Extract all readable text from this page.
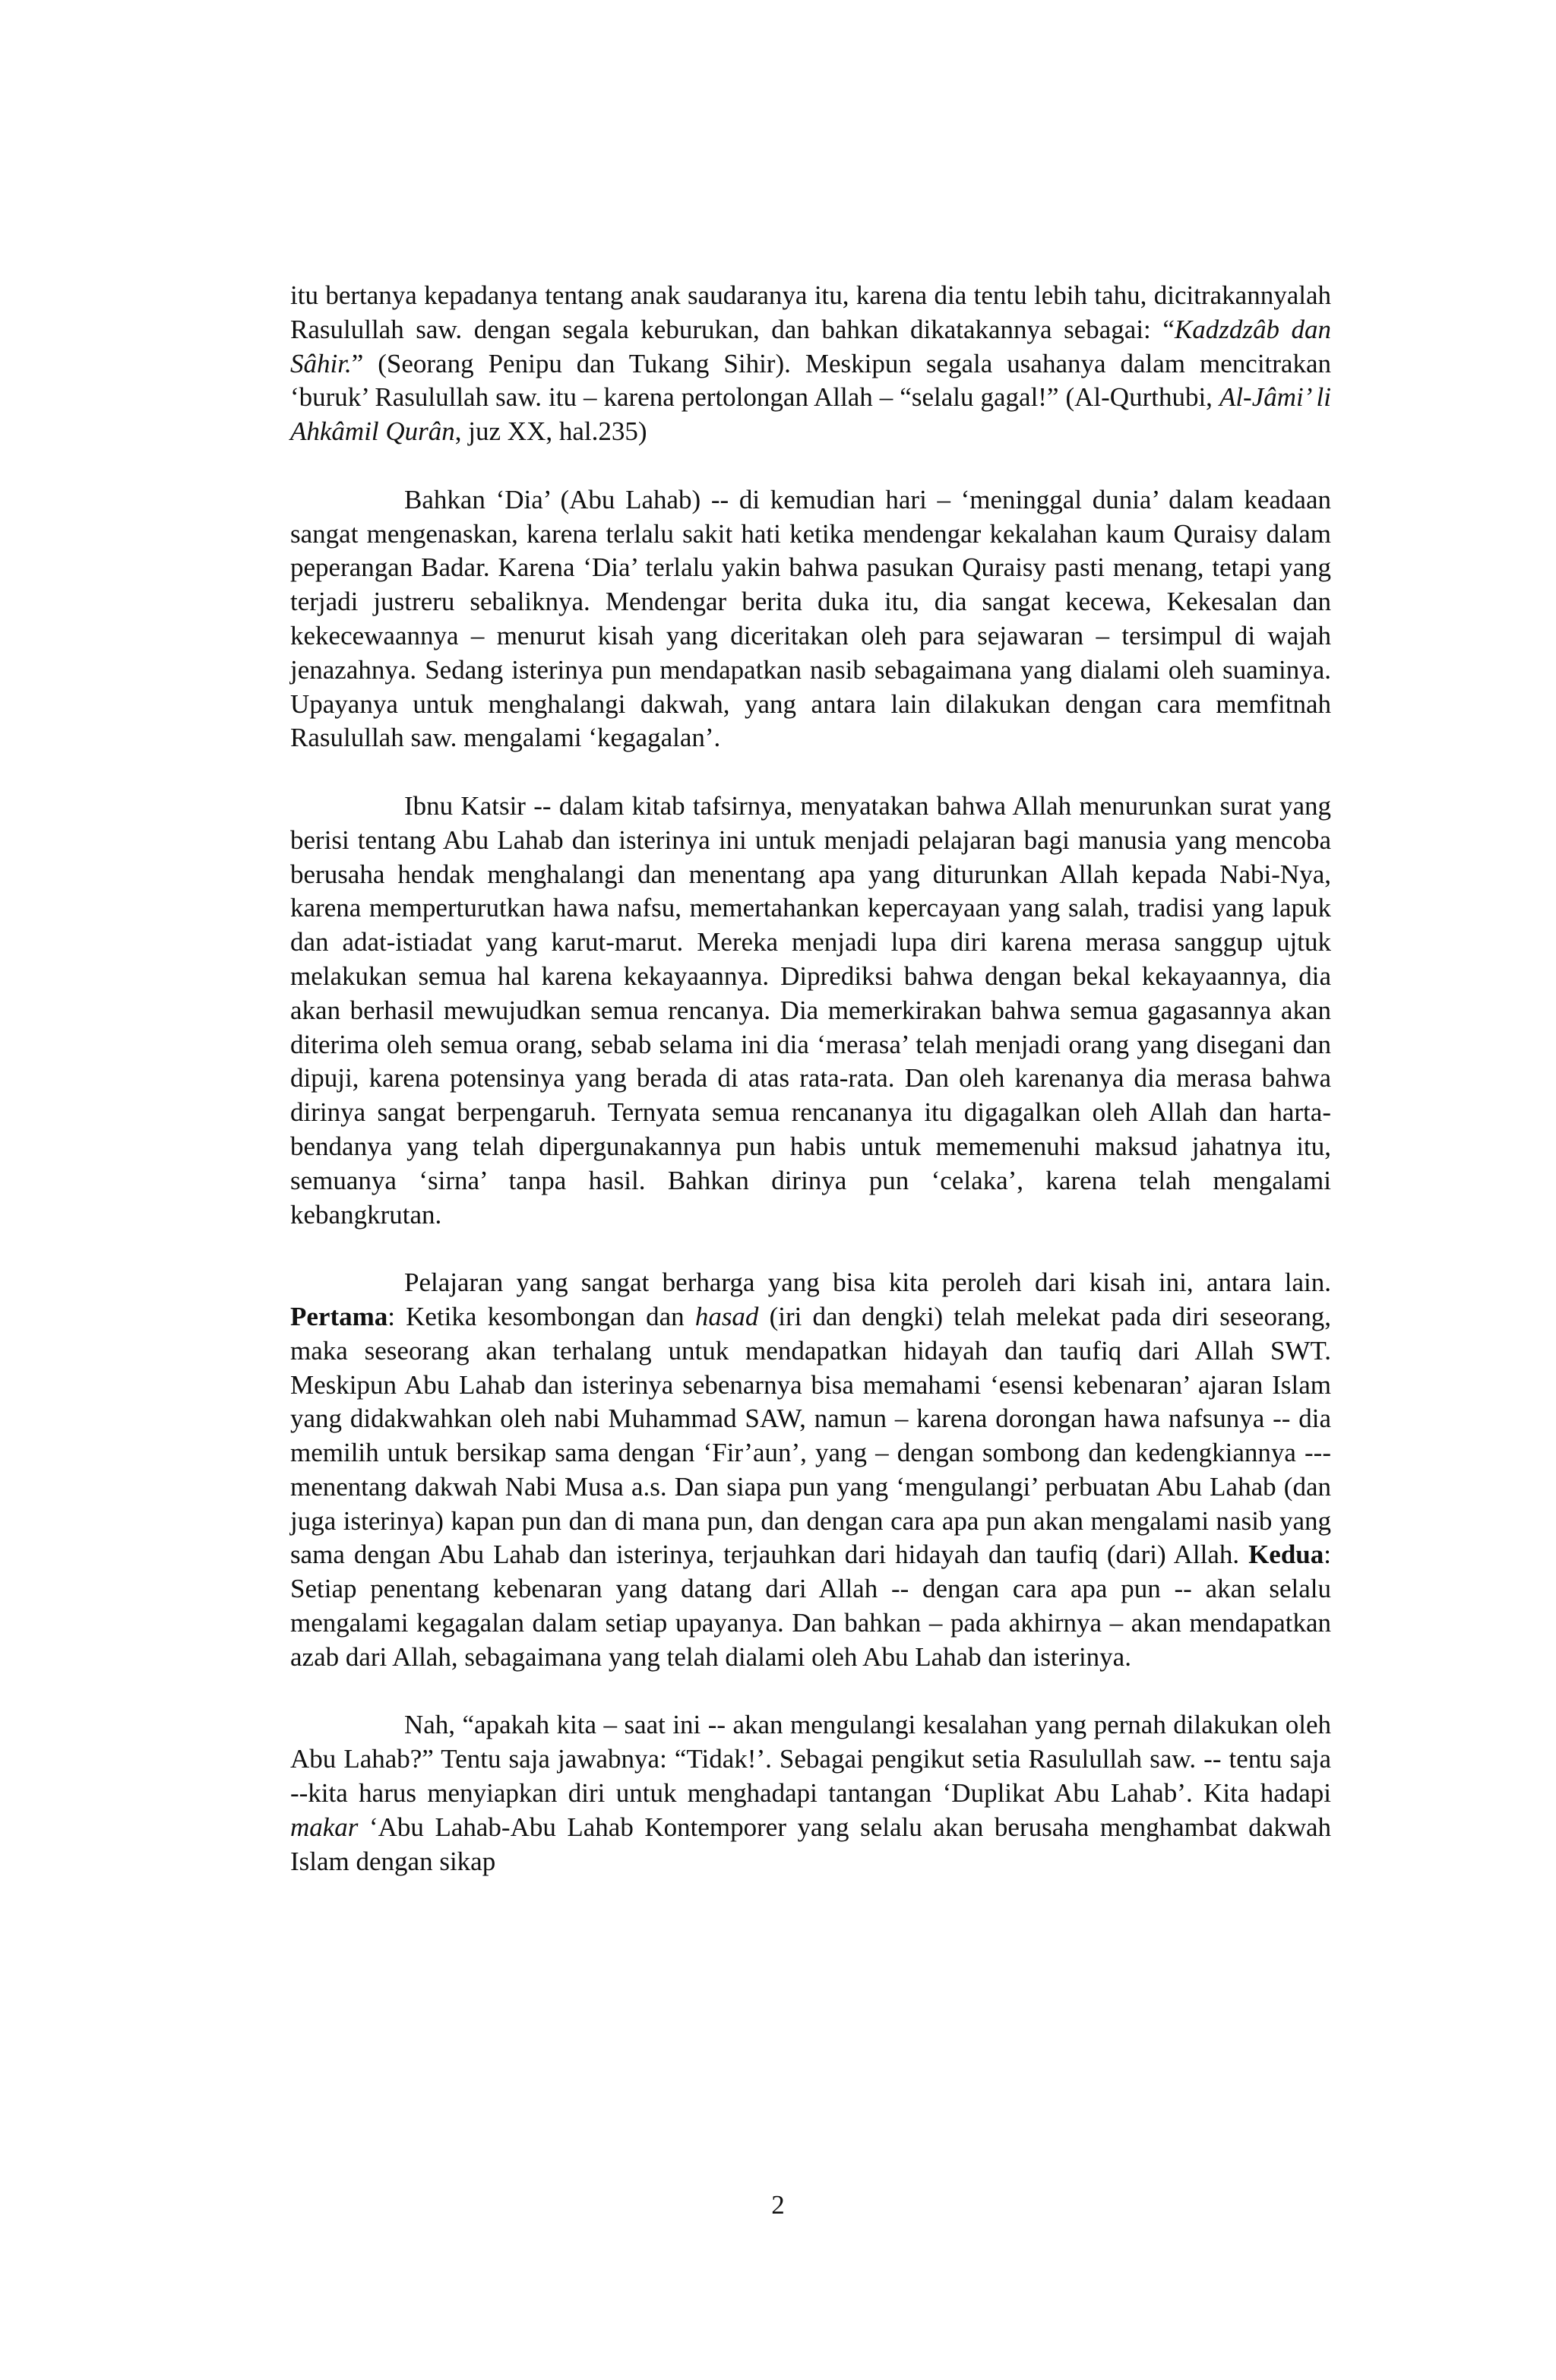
itu bertanya kepadanya tentang anak saudaranya itu, karena dia tentu lebih tahu, dicitrakannyalah Rasulullah saw. dengan segala keburukan, dan bahkan dikatakannya sebagai: “Kadzdzâb dan Sâhir.” (Seorang Penipu dan Tukang Sihir). Meskipun segala usahanya dalam mencitrakan ‘buruk’ Rasulullah saw. itu – karena pertolongan Allah – “selalu gagal!” (Al-Qurthubi, Al-Jâmi’ li Ahkâmil Qurân, juz XX, hal.235)

Bahkan ‘Dia’ (Abu Lahab) -- di kemudian hari – ‘meninggal dunia’ dalam keadaan sangat mengenaskan, karena terlalu sakit hati ketika mendengar kekalahan kaum Quraisy dalam peperangan Badar. Karena ‘Dia’ terlalu yakin bahwa pasukan Quraisy pasti menang, tetapi yang terjadi justreru sebaliknya. Mendengar berita duka itu, dia sangat kecewa, Kekesalan dan kekecewaannya – menurut kisah yang diceritakan oleh para sejawaran – tersimpul di wajah jenazahnya. Sedang isterinya pun mendapatkan nasib sebagaimana yang dialami oleh suaminya. Upayanya untuk menghalangi dakwah, yang antara lain dilakukan dengan cara memfitnah Rasulullah saw. mengalami ‘kegagalan’.

Ibnu Katsir -- dalam kitab tafsirnya, menyatakan bahwa Allah menurunkan surat yang berisi tentang Abu Lahab dan isterinya ini untuk menjadi pelajaran bagi manusia yang mencoba berusaha hendak menghalangi dan menentang apa yang diturunkan Allah kepada Nabi-Nya, karena memperturutkan hawa nafsu, memertahankan kepercayaan yang salah, tradisi yang lapuk dan adat-istiadat yang karut-marut. Mereka menjadi lupa diri karena merasa sanggup ujtuk melakukan semua hal karena kekayaannya. Diprediksi bahwa dengan bekal kekayaannya, dia akan berhasil mewujudkan semua rencanya. Dia memerkirakan bahwa semua gagasannya akan diterima oleh semua orang, sebab selama ini dia ‘merasa’ telah menjadi orang yang disegani dan dipuji, karena potensinya yang berada di atas rata-rata. Dan oleh karenanya dia merasa bahwa dirinya sangat berpengaruh. Ternyata semua rencananya itu digagalkan oleh Allah dan harta-bendanya yang telah dipergunakannya pun habis untuk mememenuhi maksud jahatnya itu, semuanya ‘sirna’ tanpa hasil. Bahkan dirinya pun ‘celaka’, karena telah mengalami kebangkrutan.

Pelajaran yang sangat berharga yang bisa kita peroleh dari kisah ini, antara lain. Pertama: Ketika kesombongan dan hasad (iri dan dengki) telah melekat pada diri seseorang, maka seseorang akan terhalang untuk mendapatkan hidayah dan taufiq dari Allah SWT. Meskipun Abu Lahab dan isterinya sebenarnya bisa memahami ‘esensi kebenaran’ ajaran Islam yang didakwahkan oleh nabi Muhammad SAW, namun – karena dorongan hawa nafsunya -- dia memilih untuk bersikap sama dengan ‘Fir’aun’, yang – dengan sombong dan kedengkiannya --- menentang dakwah Nabi Musa a.s. Dan siapa pun yang ‘mengulangi’ perbuatan Abu Lahab (dan juga isterinya) kapan pun dan di mana pun, dan dengan cara apa pun akan mengalami nasib yang sama dengan Abu Lahab dan isterinya, terjauhkan dari hidayah dan taufiq (dari) Allah. Kedua: Setiap penentang kebenaran yang datang dari Allah -- dengan cara apa pun -- akan selalu mengalami kegagalan dalam setiap upayanya. Dan bahkan – pada akhirnya – akan mendapatkan azab dari Allah, sebagaimana yang telah dialami oleh Abu Lahab dan isterinya.

Nah, “apakah kita – saat ini -- akan mengulangi kesalahan yang pernah dilakukan oleh Abu Lahab?” Tentu saja jawabnya: “Tidak!’. Sebagai pengikut setia Rasulullah saw. -- tentu saja --kita harus menyiapkan diri untuk menghadapi tantangan ‘Duplikat Abu Lahab’. Kita hadapi makar ‘Abu Lahab-Abu Lahab Kontemporer yang selalu akan berusaha menghambat dakwah Islam dengan sikap

2
